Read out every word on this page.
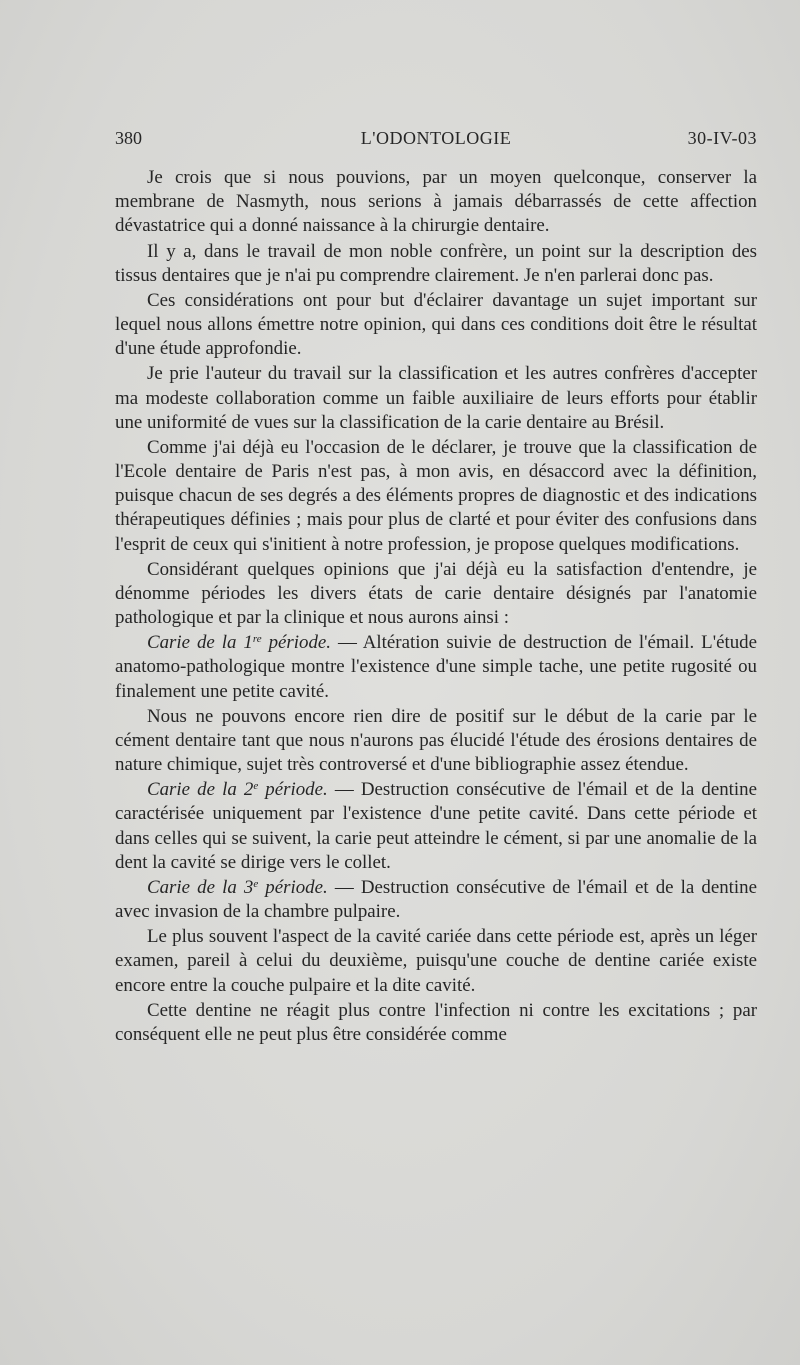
380	L'ODONTOLOGIE	30-IV-03

Je crois que si nous pouvions, par un moyen quelconque, conserver la membrane de Nasmyth, nous serions à jamais débarrassés de cette affection dévastatrice qui a donné naissance à la chirurgie dentaire.

Il y a, dans le travail de mon noble confrère, un point sur la description des tissus dentaires que je n'ai pu comprendre clairement. Je n'en parlerai donc pas.

Ces considérations ont pour but d'éclairer davantage un sujet important sur lequel nous allons émettre notre opinion, qui dans ces conditions doit être le résultat d'une étude approfondie.

Je prie l'auteur du travail sur la classification et les autres confrères d'accepter ma modeste collaboration comme un faible auxiliaire de leurs efforts pour établir une uniformité de vues sur la classification de la carie dentaire au Brésil.

Comme j'ai déjà eu l'occasion de le déclarer, je trouve que la classification de l'Ecole dentaire de Paris n'est pas, à mon avis, en désaccord avec la définition, puisque chacun de ses degrés a des éléments propres de diagnostic et des indications thérapeutiques définies ; mais pour plus de clarté et pour éviter des confusions dans l'esprit de ceux qui s'initient à notre profession, je propose quelques modifications.

Considérant quelques opinions que j'ai déjà eu la satisfaction d'entendre, je dénomme périodes les divers états de carie dentaire désignés par l'anatomie pathologique et par la clinique et nous aurons ainsi :

Carie de la 1re période. — Altération suivie de destruction de l'émail. L'étude anatomo-pathologique montre l'existence d'une simple tache, une petite rugosité ou finalement une petite cavité.

Nous ne pouvons encore rien dire de positif sur le début de la carie par le cément dentaire tant que nous n'aurons pas élucidé l'étude des érosions dentaires de nature chimique, sujet très controversé et d'une bibliographie assez étendue.

Carie de la 2e période. — Destruction consécutive de l'émail et de la dentine caractérisée uniquement par l'existence d'une petite cavité. Dans cette période et dans celles qui se suivent, la carie peut atteindre le cément, si par une anomalie de la dent la cavité se dirige vers le collet.

Carie de la 3e période. — Destruction consécutive de l'émail et de la dentine avec invasion de la chambre pulpaire.

Le plus souvent l'aspect de la cavité cariée dans cette période est, après un léger examen, pareil à celui du deuxième, puisqu'une couche de dentine cariée existe encore entre la couche pulpaire et la dite cavité.

Cette dentine ne réagit plus contre l'infection ni contre les excitations ; par conséquent elle ne peut plus être considérée comme
